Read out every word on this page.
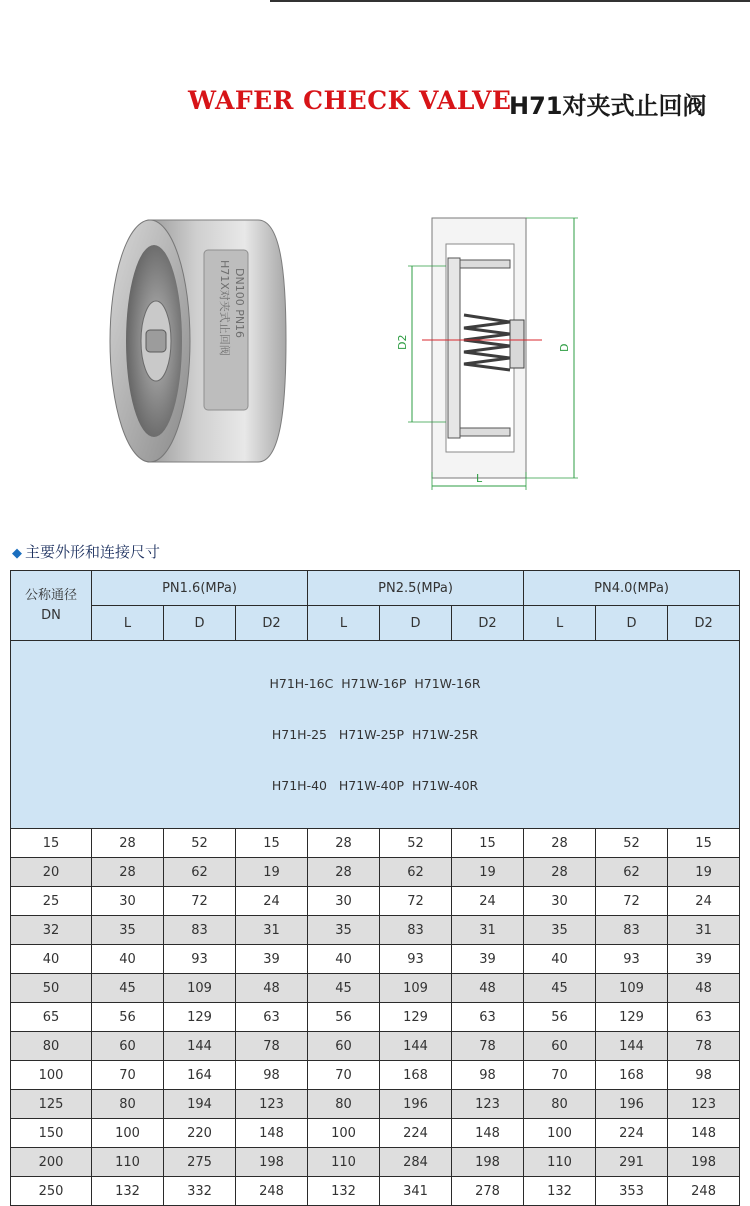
WAFER CHECK VALVE
H71对夹式止回阀
H71X对夹式止回阀 DN100 PN16
D2	D
L
◆ 主要外形和连接尺寸
公称通径
DN	PN1.6(MPa)			PN2.5(MPa)			PN4.0(MPa)		
	L	D	D2	L	D	D2	L	D	D2

H71H-16C  H71W-16P  H71W-16R

H71H-25   H71W-25P  H71W-25R

H71H-40   H71W-40P  H71W-40R									

15	28	52	15	28	52	15	28	52	15
20	28	62	19	28	62	19	28	62	19
25	30	72	24	30	72	24	30	72	24
32	35	83	31	35	83	31	35	83	31
40	40	93	39	40	93	39	40	93	39
50	45	109	48	45	109	48	45	109	48
65	56	129	63	56	129	63	56	129	63
80	60	144	78	60	144	78	60	144	78
100	70	164	98	70	168	98	70	168	98
125	80	194	123	80	196	123	80	196	123
150	100	220	148	100	224	148	100	224	148
200	110	275	198	110	284	198	110	291	198
250	132	332	248	132	341	278	132	353	248
